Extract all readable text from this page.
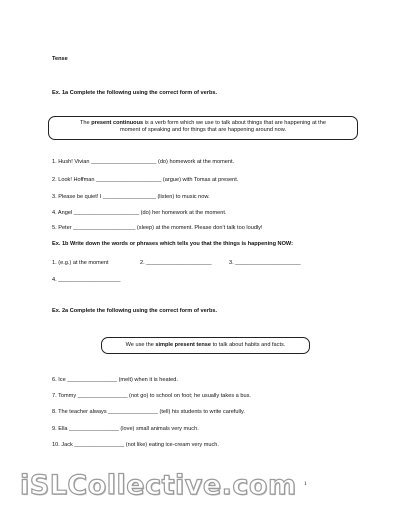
Tense
Ex. 1a Complete the following using the correct form of verbs.
The present continuous is a verb form which we use to talk about things that are happening at the
moment of speaking and for things that are happening around now.
1. Hush! Vivian _____________________ (do) homework at the moment.
2. Look! Hoffman _____________________ (argue) with Tomas at present.
3. Please be quiet! I _________________ (listen) to music now.
4. Angel _____________________ (do) her homework at the moment.
5. Peter ____________________ (sleep) at the moment. Please don’t talk too loudly!
Ex. 1b Write down the words or phrases which tells you that the things is happening NOW:
1. (e.g.) at the moment	2. _____________________	3. _____________________
4. ____________________
Ex. 2a Complete the following using the correct form of verbs.
We use the simple present tense to talk about habits and facts.
6. Ice ________________ (melt) when it is heated.
7. Tommy ________________ (not go) to school on foot; he usually takes a bus.
8. The teacher always ________________ (tell) his students to write carefully.
9. Ella ________________ (love) small animals very much.
10. Jack ________________ (not like) eating ice-cream very much.
iSLCollective.com 1
